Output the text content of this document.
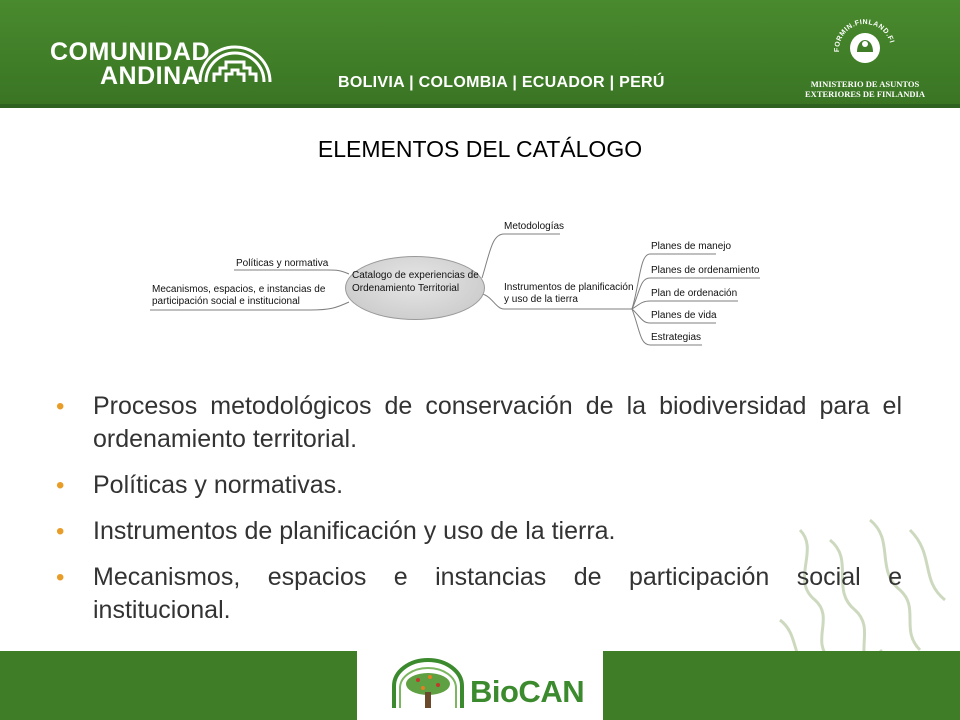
COMUNIDAD
ANDINA	BOLIVIA | COLOMBIA | ECUADOR | PERÚ
FORMIN.FINLAND.FI
MINISTERIO DE ASUNTOS
EXTERIORES DE FINLANDIA
ELEMENTOS DEL CATÁLOGO
Catalogo de experiencias de Ordenamiento Territorial
Políticas y normativa
Mecanismos, espacios, e instancias de participación social e institucional
Metodologías
Instrumentos de planificación y uso de la tierra
Planes de manejo
Planes de ordenamiento
Plan de ordenación
Planes de vida
Estrategias
• Procesos metodológicos de conservación de la biodiversidad para el ordenamiento territorial.
• Políticas y normativas.
• Instrumentos de planificación y uso de la tierra.
• Mecanismos, espacios e instancias de participación social e institucional.
BioCAN
